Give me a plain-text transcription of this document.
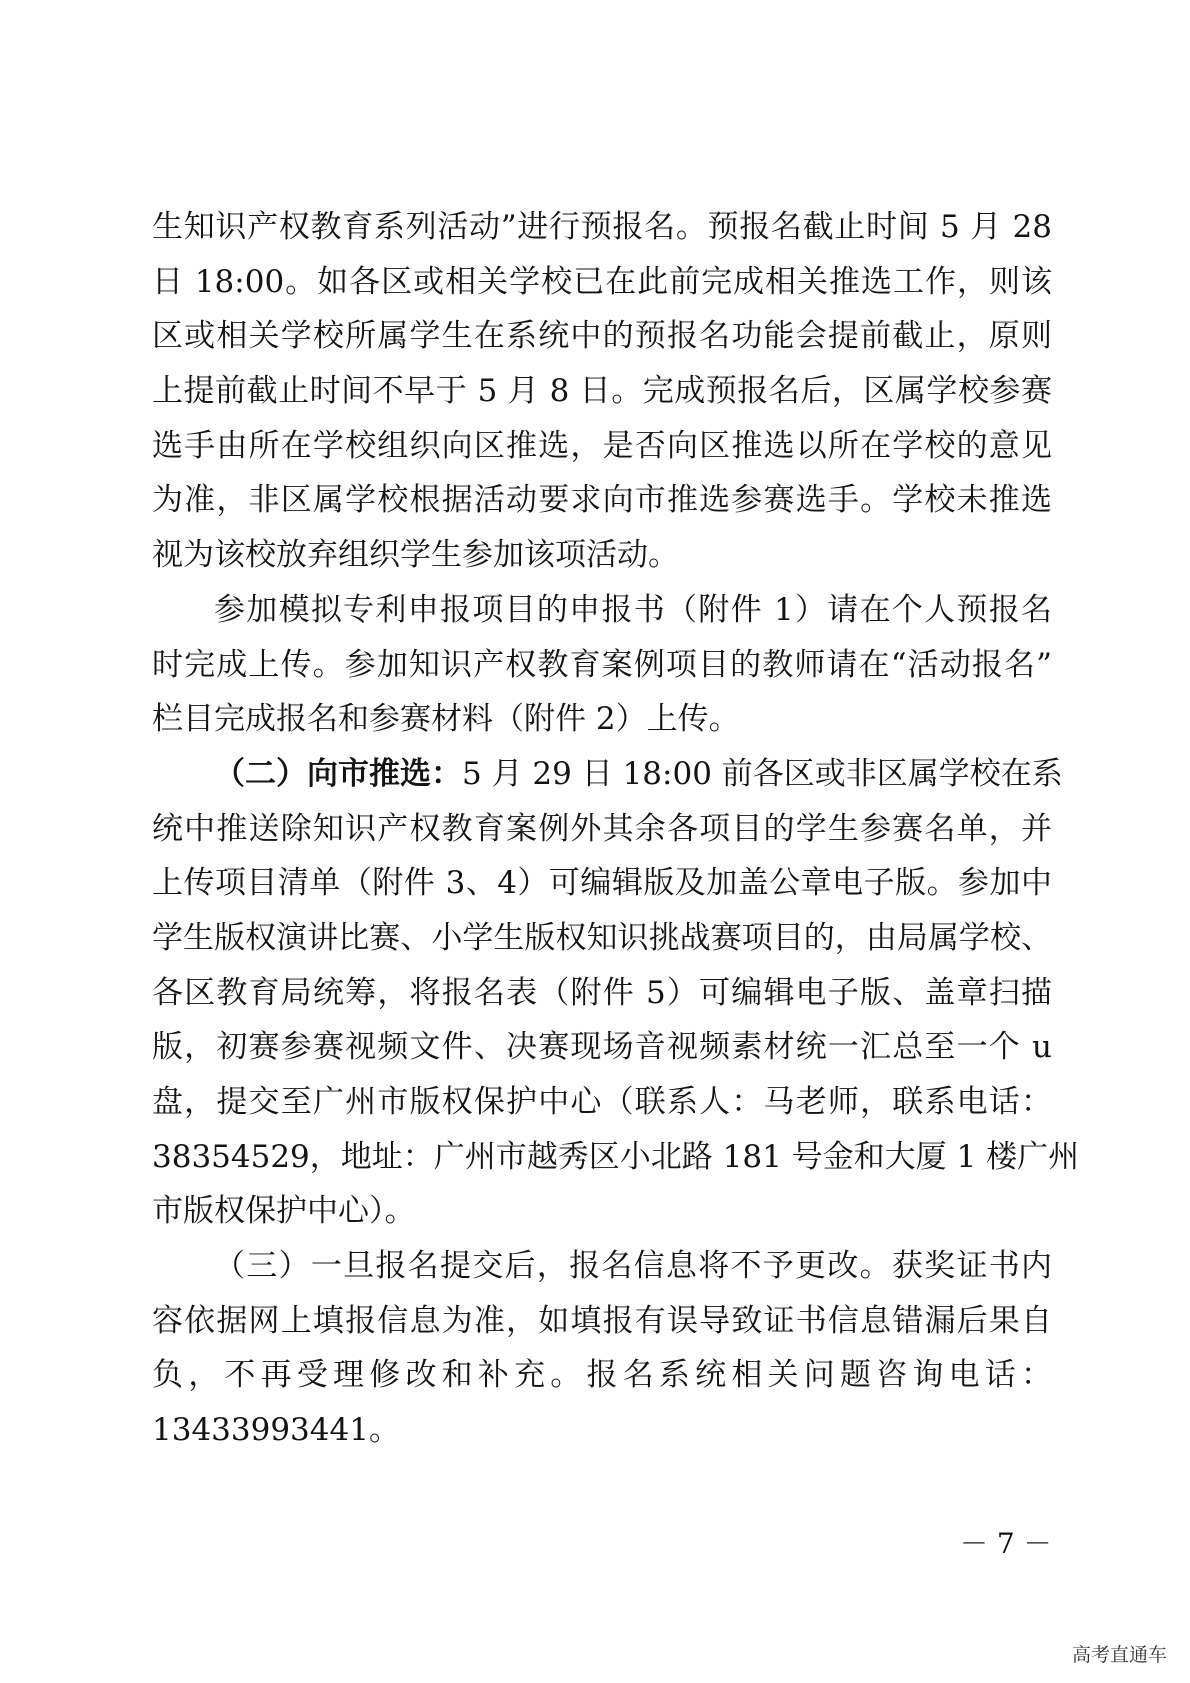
生知识产权教育系列活动”进行预报名。预报名截止时间 5 月 28
日 18:00。如各区或相关学校已在此前完成相关推选工作，则该
区或相关学校所属学生在系统中的预报名功能会提前截止，原则
上提前截止时间不早于 5 月 8 日。完成预报名后，区属学校参赛
选手由所在学校组织向区推选，是否向区推选以所在学校的意见
为准，非区属学校根据活动要求向市推选参赛选手。学校未推选
视为该校放弃组织学生参加该项活动。
参加模拟专利申报项目的申报书（附件 1）请在个人预报名
时完成上传。参加知识产权教育案例项目的教师请在“活动报名”
栏目完成报名和参赛材料（附件 2）上传。
（二）向市推选：5 月 29 日 18:00 前各区或非区属学校在系
统中推送除知识产权教育案例外其余各项目的学生参赛名单，并
上传项目清单（附件 3、4）可编辑版及加盖公章电子版。参加中
学生版权演讲比赛、小学生版权知识挑战赛项目的，由局属学校、
各区教育局统筹，将报名表（附件 5）可编辑电子版、盖章扫描
版，初赛参赛视频文件、决赛现场音视频素材统一汇总至一个 u
盘，提交至广州市版权保护中心（联系人：马老师，联系电话：
38354529，地址：广州市越秀区小北路 181 号金和大厦 1 楼广州
市版权保护中心）。
（三）一旦报名提交后，报名信息将不予更改。获奖证书内
容依据网上填报信息为准，如填报有误导致证书信息错漏后果自
负，不再受理修改和补充。报名系统相关问题咨询电话：
13433993441。
－ 7 －
高考直通车
